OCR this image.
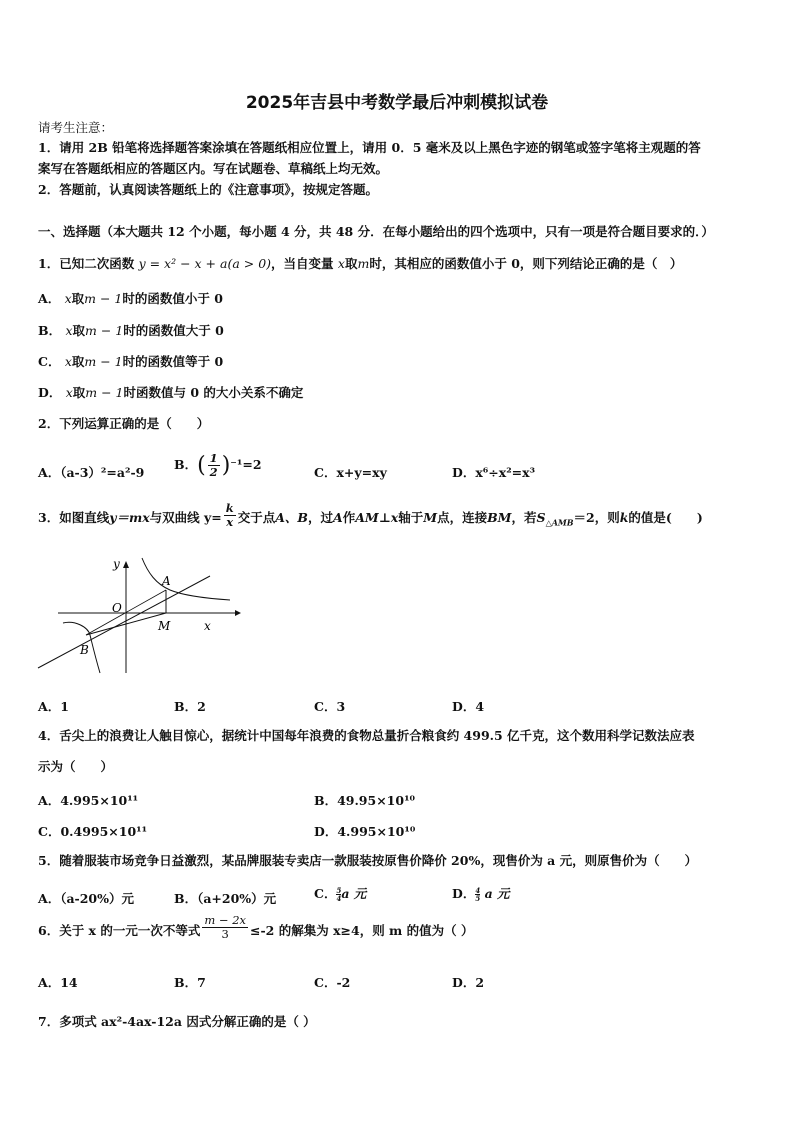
2025年吉县中考数学最后冲刺模拟试卷
请考生注意：
1．请用 2B 铅笔将选择题答案涂填在答题纸相应位置上，请用 0．5 毫米及以上黑色字迹的钢笔或签字笔将主观题的答
案写在答题纸相应的答题区内。写在试题卷、草稿纸上均无效。
2．答题前，认真阅读答题纸上的《注意事项》，按规定答题。
一、选择题（本大题共 12 个小题，每小题 4 分，共 48 分．在每小题给出的四个选项中，只有一项是符合题目要求的．）
1．已知二次函数 y = x² − x + a(a > 0)，当自变量 x取m时，其相应的函数值小于 0，则下列结论正确的是（　）
A． x取m − 1时的函数值小于 0
B． x取m − 1时的函数值大于 0
C． x取m − 1时的函数值等于 0
D． x取m − 1时函数值与 0 的大小关系不确定
2．下列运算正确的是（　　）
A．（a-3）²=a²-9
B．( $\frac{1}{2} )^{-1}=2$
C．x+y=xy	D．x⁶÷x²=x³
3．如图直线y＝mx与双曲线 $y= \frac{k}{x}$ 交于点A、B，过A作AM⊥x轴于M点，连接BM，若$S_{\triangle AMB}=2$，则k的值是(　　)
y
A
O
M	x
B
A．1	B．2	C．3	D．4
4．舌尖上的浪费让人触目惊心，据统计中国每年浪费的食物总量折合粮食约 499.5 亿千克，这个数用科学记数法应表
示为（　　）
A．4.995×10¹¹	B．49.95×10¹⁰
C．0.4995×10¹¹	D．4.995×10¹⁰
5．随着服装市场竞争日益激烈，某品牌服装专卖店一款服装按原售价降价 20%，现售价为 a 元，则原售价为（　　）
A．（a-20%）元	B．（a+20%）元	C． $\frac{5}{4}$ a 元	D． $\frac{4}{5}$ a 元
6．关于 x 的一元一次不等式 $\frac{m - 2x}{3} \le-2$ 的解集为 x≥4，则 m 的值为（ ）
A．14	B．7	C．-2	D．2
7．多项式 ax²-4ax-12a 因式分解正确的是（ ）
